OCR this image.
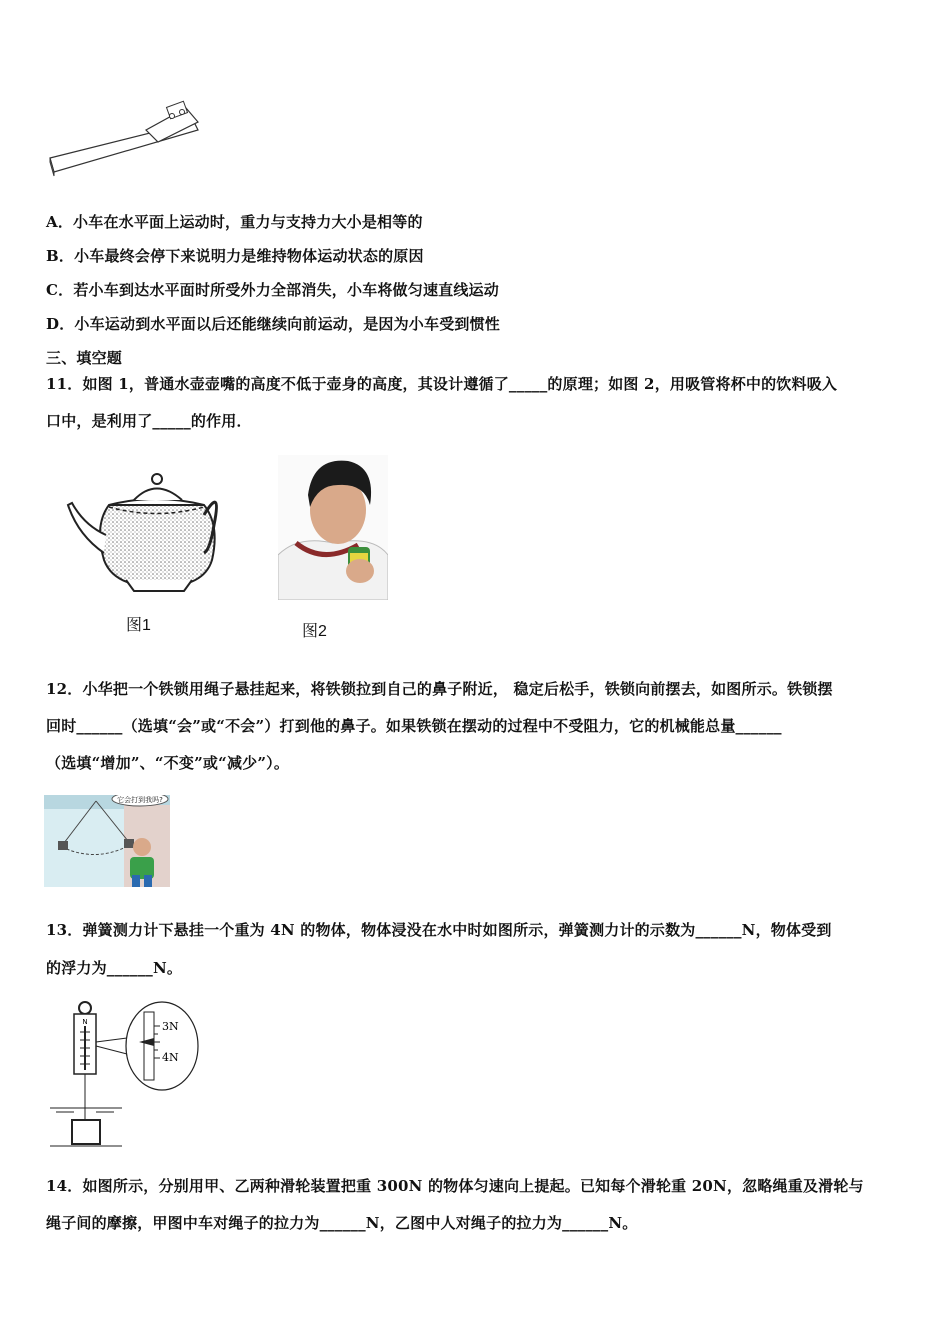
A．小车在水平面上运动时，重力与支持力大小是相等的
B．小车最终会停下来说明力是维持物体运动状态的原因
C．若小车到达水平面时所受外力全部消失，小车将做匀速直线运动
D．小车运动到水平面以后还能继续向前运动，是因为小车受到惯性
三、填空题
11．如图 1，普通水壶壶嘴的高度不低于壶身的高度，其设计遵循了_____的原理；如图 2，用吸管将杯中的饮料吸入
口中，是利用了_____的作用．
图1	图2
12．小华把一个铁锁用绳子悬挂起来，将铁锁拉到自己的鼻子附近， 稳定后松手，铁锁向前摆去，如图所示。铁锁摆
回时______（选填“会”或“不会”）打到他的鼻子。如果铁锁在摆动的过程中不受阻力，它的机械能总量______
（选填“增加”、“不变”或“减少”）。
它会打到我吗?
13．弹簧测力计下悬挂一个重为 4N 的物体，物体浸没在水中时如图所示，弹簧测力计的示数为______N，物体受到
的浮力为______N。
N	3N
4N
14．如图所示，分别用甲、乙两种滑轮装置把重 300N 的物体匀速向上提起。已知每个滑轮重 20N，忽略绳重及滑轮与
绳子间的摩擦，甲图中车对绳子的拉力为______N，乙图中人对绳子的拉力为______N。
